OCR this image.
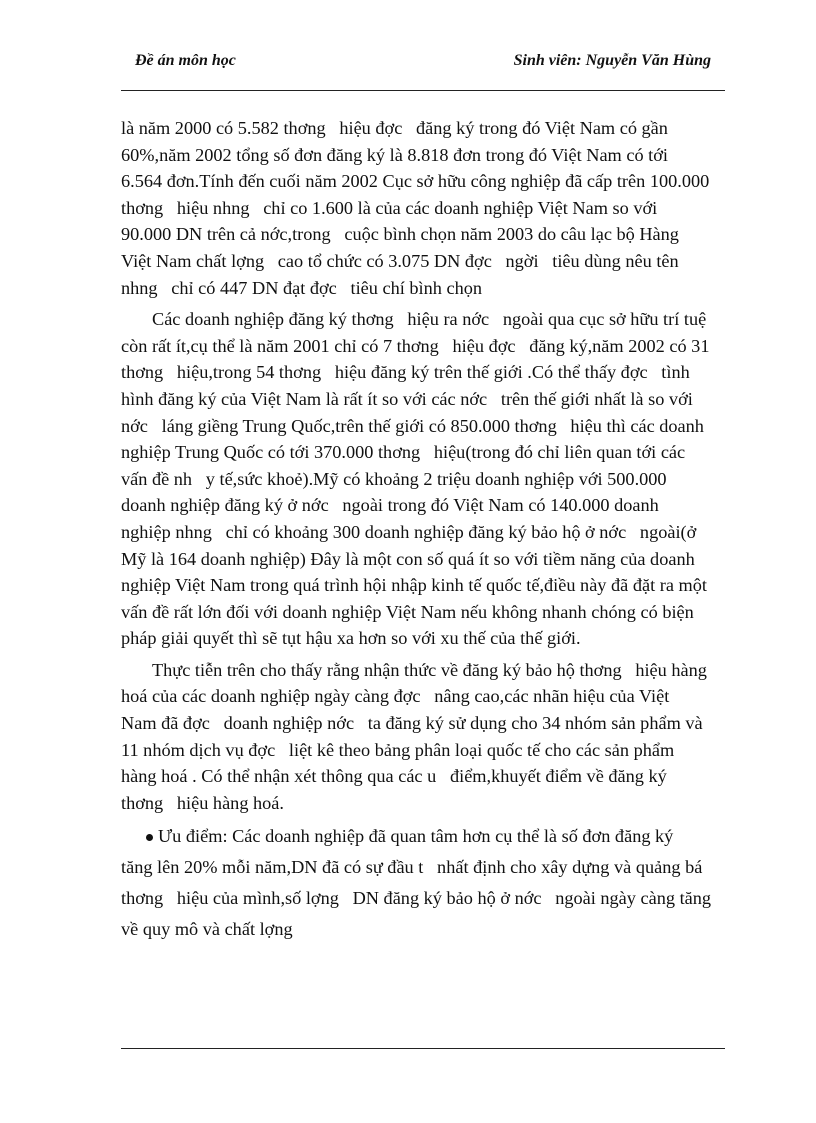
Đề án môn học	Sinh viên: Nguyễn Văn Hùng
là năm 2000 có 5.582 thơng   hiệu đợc   đăng ký trong đó Việt Nam có gần
60%,năm 2002 tổng số đơn đăng ký là 8.818 đơn trong đó Việt Nam có tới
6.564 đơn.Tính đến cuối năm 2002 Cục sở hữu công nghiệp đã cấp trên 100.000
thơng   hiệu nhng   chỉ co 1.600 là của các doanh nghiệp Việt Nam so với
90.000 DN trên cả nớc,trong   cuộc bình chọn năm 2003 do câu lạc bộ Hàng
Việt Nam chất lợng   cao tổ chức có 3.075 DN đợc   ngời   tiêu dùng nêu tên
nhng   chỉ có 447 DN đạt đợc   tiêu chí bình chọn
Các doanh nghiệp đăng ký thơng   hiệu ra nớc   ngoài qua cục sở hữu trí tuệ
còn rất ít,cụ thể là năm 2001 chỉ có 7 thơng   hiệu đợc   đăng ký,năm 2002 có 31
thơng   hiệu,trong 54 thơng   hiệu đăng ký trên thế giới .Có thể thấy đợc   tình
hình đăng ký của Việt Nam là rất ít so với các nớc   trên thế giới nhất là so với
nớc   láng giềng Trung Quốc,trên thế giới có 850.000 thơng   hiệu thì các doanh
nghiệp Trung Quốc có tới 370.000 thơng   hiệu(trong đó chỉ liên quan tới các
vấn đề nh   y tế,sức khoẻ).Mỹ có khoảng 2 triệu doanh nghiệp với 500.000
doanh nghiệp đăng ký ở nớc   ngoài trong đó Việt Nam có 140.000 doanh
nghiệp nhng   chỉ có khoảng 300 doanh nghiệp đăng ký bảo hộ ở nớc   ngoài(ở
Mỹ là 164 doanh nghiệp) Đây là một con số quá ít so với tiềm năng của doanh
nghiệp Việt Nam trong quá trình hội nhập kinh tế quốc tế,điều này đã đặt ra một
vấn đề rất lớn đối với doanh nghiệp Việt Nam nếu không nhanh chóng có biện
pháp giải quyết thì sẽ tụt hậu xa hơn so với xu thế của thế giới.
Thực tiễn trên cho thấy rằng nhận thức về đăng ký bảo hộ thơng   hiệu hàng
hoá của các doanh nghiệp ngày càng đợc   nâng cao,các nhãn hiệu của Việt
Nam đã đợc   doanh nghiệp nớc   ta đăng ký sử dụng cho 34 nhóm sản phẩm và
11 nhóm dịch vụ đợc   liệt kê theo bảng phân loại quốc tế cho các sản phẩm
hàng hoá . Có thể nhận xét thông qua các u   điểm,khuyết điểm về đăng ký
thơng   hiệu hàng hoá.
Ưu điểm: Các doanh nghiệp đã quan tâm hơn cụ thể là số đơn đăng ký
tăng lên 20% mỗi năm,DN đã có sự đầu t   nhất định cho xây dựng và quảng bá
thơng   hiệu của mình,số lợng   DN đăng ký bảo hộ ở nớc   ngoài ngày càng tăng
về quy mô và chất lợng
